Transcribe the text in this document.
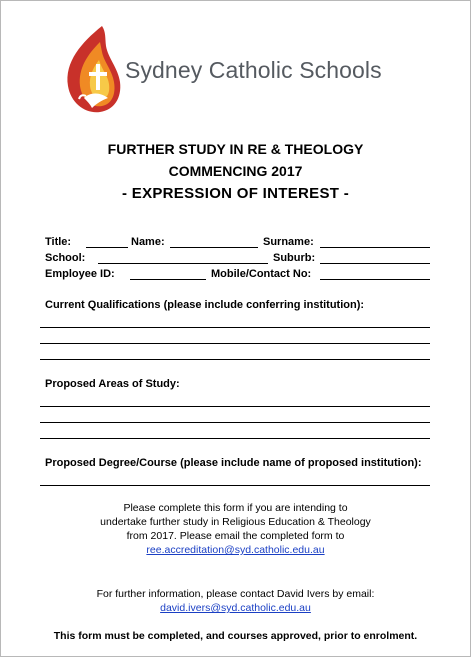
Sydney Catholic Schools
FURTHER STUDY IN RE & THEOLOGY
COMMENCING 2017
- EXPRESSION OF INTEREST -
Title:	Name:	Surname:
School:	Suburb:
Employee ID:	Mobile/Contact No:
Current Qualifications (please include conferring institution):
Proposed Areas of Study:
Proposed Degree/Course (please include name of proposed institution):
Please complete this form if you are intending to
undertake further study in Religious Education & Theology
from 2017. Please email the completed form to
ree.accreditation@syd.catholic.edu.au
For further information, please contact David Ivers by email:
david.ivers@syd.catholic.edu.au
This form must be completed, and courses approved, prior to enrolment.
